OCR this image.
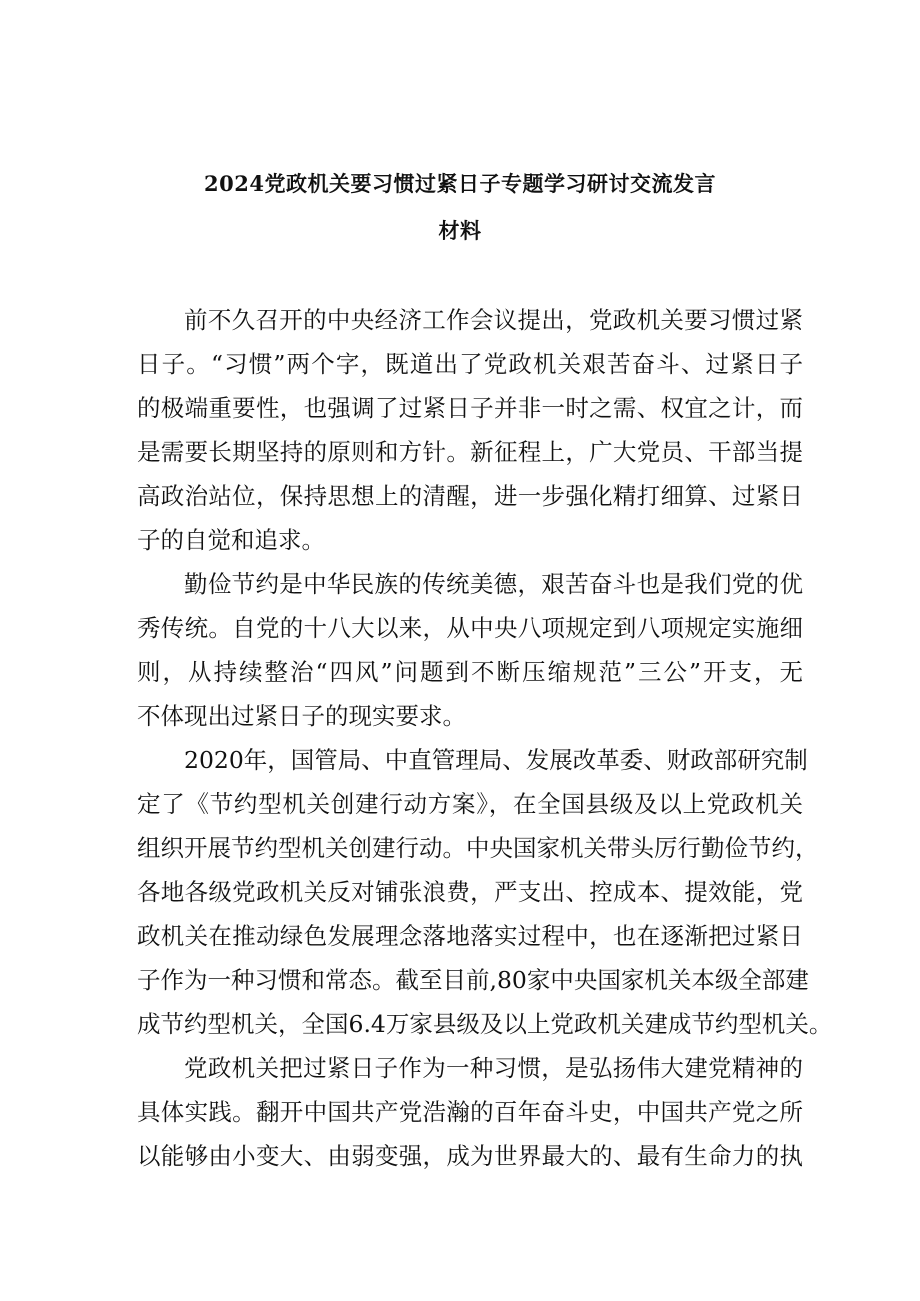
2024党政机关要习惯过紧日子专题学习研讨交流发言
材料
前不久召开的中央经济工作会议提出，党政机关要习惯过紧
日子。“习惯”两个字，既道出了党政机关艰苦奋斗、过紧日子
的极端重要性，也强调了过紧日子并非一时之需、权宜之计，而
是需要长期坚持的原则和方针。新征程上，广大党员、干部当提
高政治站位，保持思想上的清醒，进一步强化精打细算、过紧日
子的自觉和追求。
勤俭节约是中华民族的传统美德，艰苦奋斗也是我们党的优
秀传统。自党的十八大以来，从中央八项规定到八项规定实施细
则，从持续整治“四风”问题到不断压缩规范”三公”开支，无
不体现出过紧日子的现实要求。
2020年，国管局、中直管理局、发展改革委、财政部研究制
定了《节约型机关创建行动方案》，在全国县级及以上党政机关
组织开展节约型机关创建行动。中央国家机关带头厉行勤俭节约，
各地各级党政机关反对铺张浪费，严支出、控成本、提效能，党
政机关在推动绿色发展理念落地落实过程中，也在逐渐把过紧日
子作为一种习惯和常态。截至目前,80家中央国家机关本级全部建
成节约型机关，全国6.4万家县级及以上党政机关建成节约型机关。
党政机关把过紧日子作为一种习惯，是弘扬伟大建党精神的
具体实践。翻开中国共产党浩瀚的百年奋斗史，中国共产党之所
以能够由小变大、由弱变强，成为世界最大的、最有生命力的执
